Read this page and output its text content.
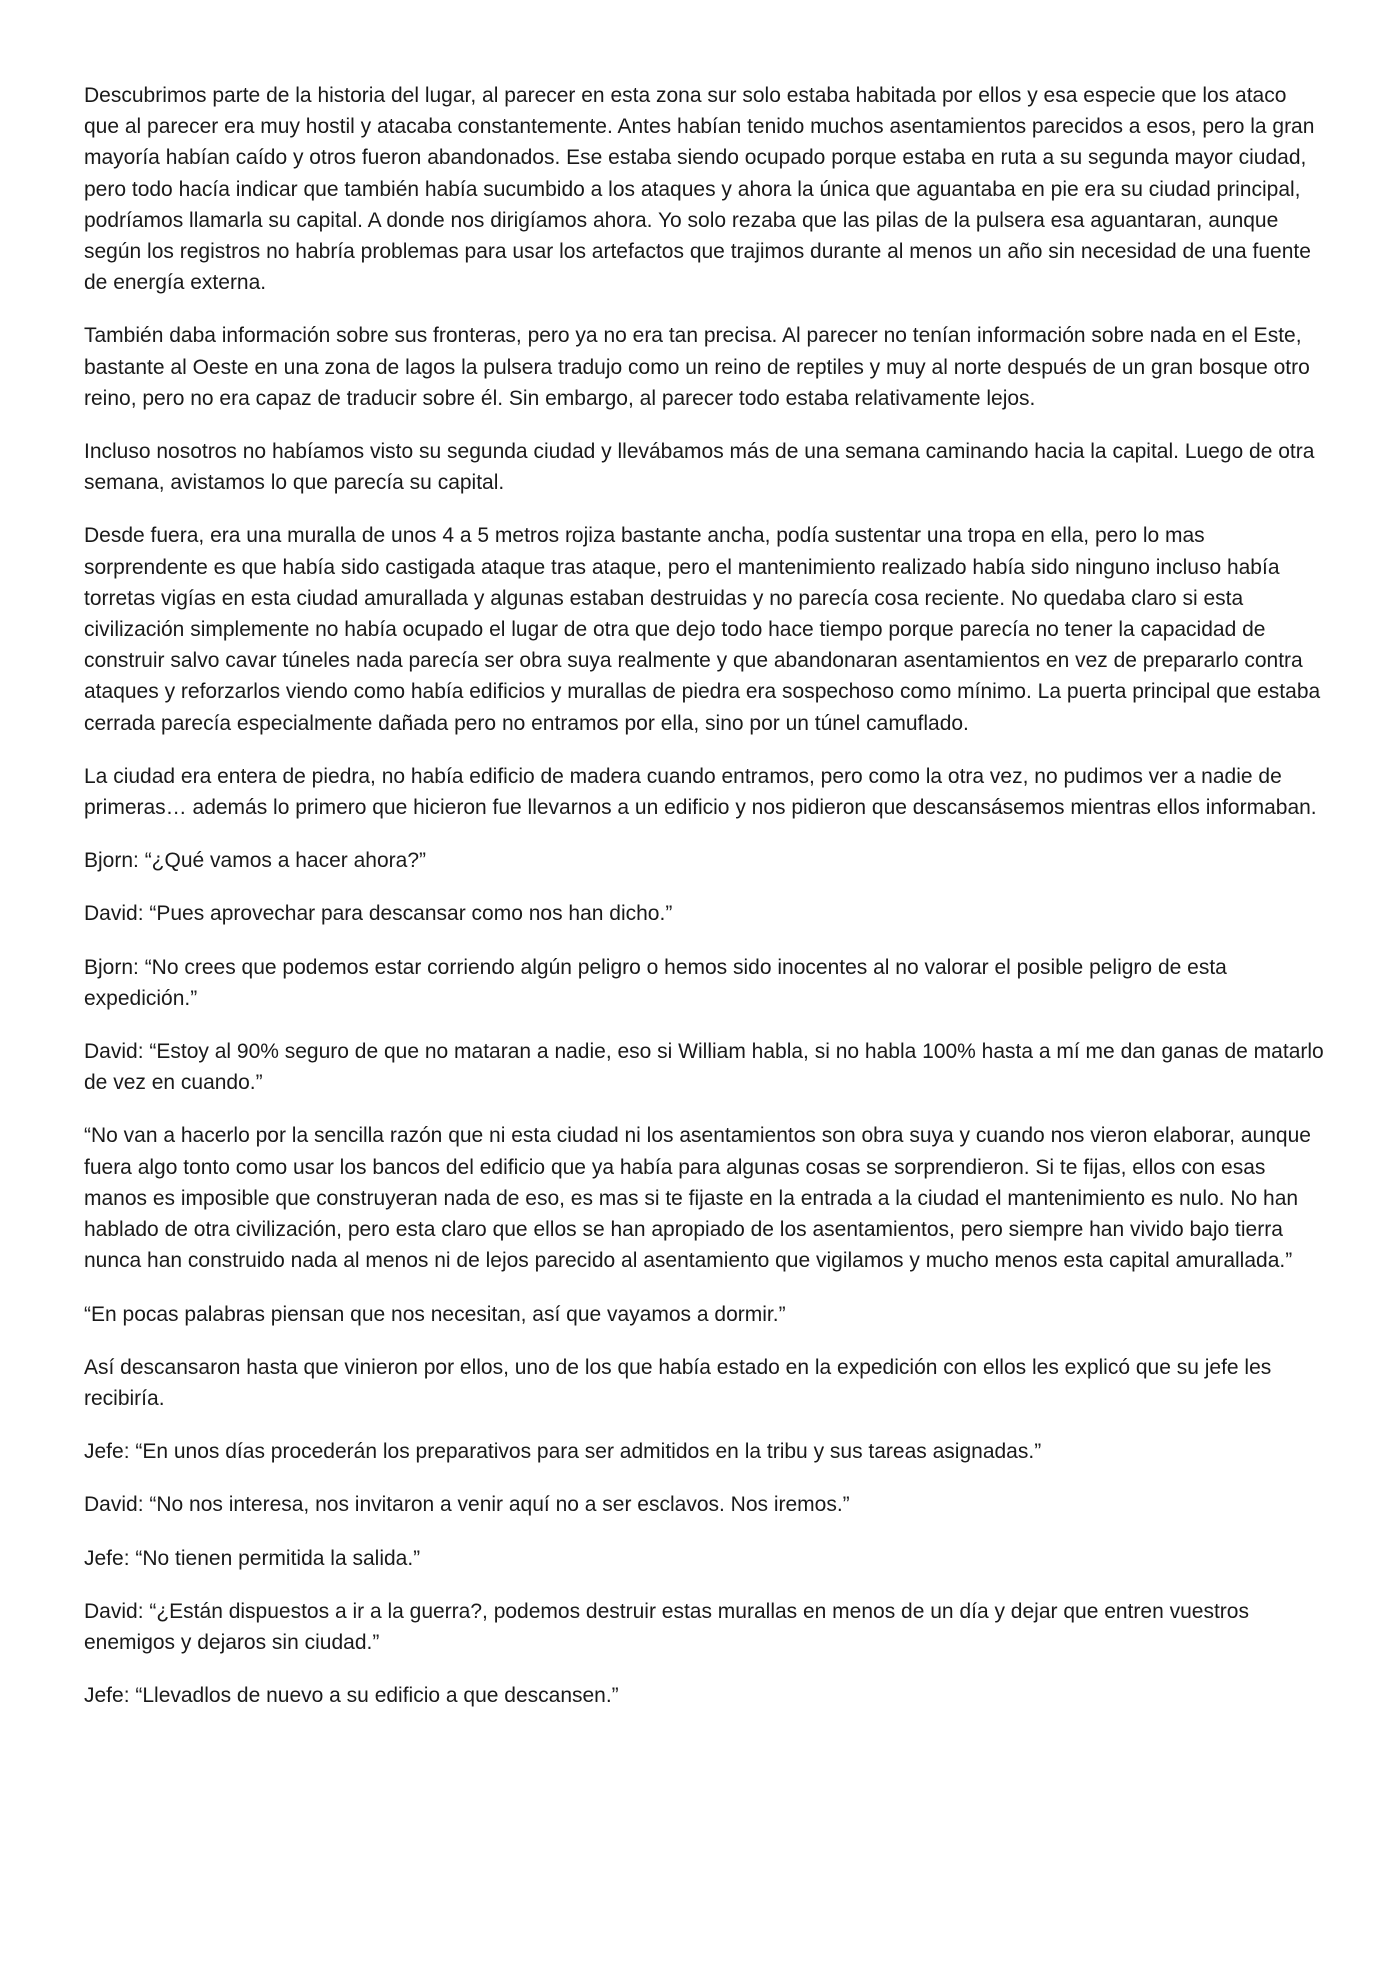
Descubrimos parte de la historia del lugar, al parecer en esta zona sur solo estaba habitada por ellos y esa especie que los ataco que al parecer era muy hostil y atacaba constantemente. Antes habían tenido muchos asentamientos parecidos a esos, pero la gran mayoría habían caído y otros fueron abandonados. Ese estaba siendo ocupado porque estaba en ruta a su segunda mayor ciudad, pero todo hacía indicar que también había sucumbido a los ataques y ahora la única que aguantaba en pie era su ciudad principal, podríamos llamarla su capital. A donde nos dirigíamos ahora. Yo solo rezaba que las pilas de la pulsera esa aguantaran, aunque según los registros no habría problemas para usar los artefactos que trajimos durante al menos un año sin necesidad de una fuente de energía externa.

También daba información sobre sus fronteras, pero ya no era tan precisa. Al parecer no tenían información sobre nada en el Este, bastante al Oeste en una zona de lagos la pulsera tradujo como un reino de reptiles y muy al norte después de un gran bosque otro reino, pero no era capaz de traducir sobre él. Sin embargo, al parecer todo estaba relativamente lejos.

Incluso nosotros no habíamos visto su segunda ciudad y llevábamos más de una semana caminando hacia la capital. Luego de otra semana, avistamos lo que parecía su capital.

Desde fuera, era una muralla de unos 4 a 5 metros rojiza bastante ancha, podía sustentar una tropa en ella, pero lo mas sorprendente es que había sido castigada ataque tras ataque, pero el mantenimiento realizado había sido ninguno incluso había torretas vigías en esta ciudad amurallada y algunas estaban destruidas y no parecía cosa reciente. No quedaba claro si esta civilización simplemente no había ocupado el lugar de otra que dejo todo hace tiempo porque parecía no tener la capacidad de construir salvo cavar túneles nada parecía ser obra suya realmente y que abandonaran asentamientos en vez de prepararlo contra ataques y reforzarlos viendo como había edificios y murallas de piedra era sospechoso como mínimo. La puerta principal que estaba cerrada parecía especialmente dañada pero no entramos por ella, sino por un túnel camuflado.

La ciudad era entera de piedra, no había edificio de madera cuando entramos, pero como la otra vez, no pudimos ver a nadie de primeras… además lo primero que hicieron fue llevarnos a un edificio y nos pidieron que descansásemos mientras ellos informaban.

Bjorn: “¿Qué vamos a hacer ahora?”

David: “Pues aprovechar para descansar como nos han dicho.”

Bjorn: “No crees que podemos estar corriendo algún peligro o hemos sido inocentes al no valorar el posible peligro de esta expedición.”

David: “Estoy al 90% seguro de que no mataran a nadie, eso si William habla, si no habla 100% hasta a mí me dan ganas de matarlo de vez en cuando.”

“No van a hacerlo por la sencilla razón que ni esta ciudad ni los asentamientos son obra suya y cuando nos vieron elaborar, aunque fuera algo tonto como usar los bancos del edificio que ya había para algunas cosas se sorprendieron. Si te fijas, ellos con esas manos es imposible que construyeran nada de eso, es mas si te fijaste en la entrada a la ciudad el mantenimiento es nulo. No han hablado de otra civilización, pero esta claro que ellos se han apropiado de los asentamientos, pero siempre han vivido bajo tierra nunca han construido nada al menos ni de lejos parecido al asentamiento que vigilamos y mucho menos esta capital amurallada.”

“En pocas palabras piensan que nos necesitan, así que vayamos a dormir.”

Así descansaron hasta que vinieron por ellos, uno de los que había estado en la expedición con ellos les explicó que su jefe les recibiría.

Jefe: “En unos días procederán los preparativos para ser admitidos en la tribu y sus tareas asignadas.”

David: “No nos interesa, nos invitaron a venir aquí no a ser esclavos. Nos iremos.”

Jefe: “No tienen permitida la salida.”

David: “¿Están dispuestos a ir a la guerra?, podemos destruir estas murallas en menos de un día y dejar que entren vuestros enemigos y dejaros sin ciudad.”

Jefe: “Llevadlos de nuevo a su edificio a que descansen.”
